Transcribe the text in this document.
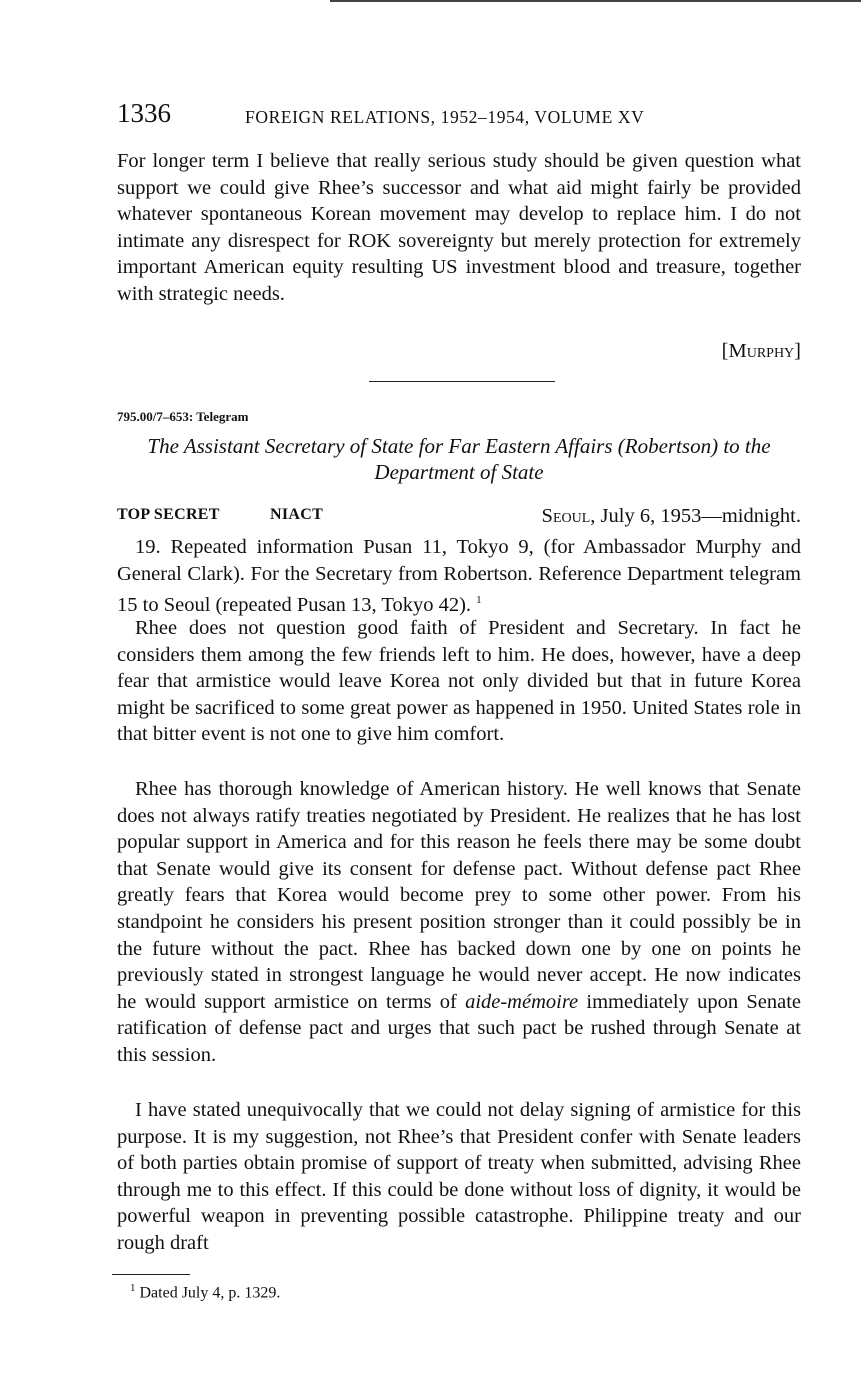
1336	FOREIGN RELATIONS, 1952–1954, VOLUME XV

For longer term I believe that really serious study should be given question what support we could give Rhee’s successor and what aid might fairly be provided whatever spontaneous Korean movement may develop to replace him. I do not intimate any disrespect for ROK sovereignty but merely protection for extremely important American equity resulting US investment blood and treasure, together with strategic needs.

[Murphy]
795.00/7–653: Telegram

The Assistant Secretary of State for Far Eastern Affairs (Robertson) to the Department of State

TOP SECRET	NIACT	Seoul, July 6, 1953—midnight.

19. Repeated information Pusan 11, Tokyo 9, (for Ambassador Murphy and General Clark). For the Secretary from Robertson. Reference Department telegram 15 to Seoul (repeated Pusan 13, Tokyo 42). $^1$

Rhee does not question good faith of President and Secretary. In fact he considers them among the few friends left to him. He does, however, have a deep fear that armistice would leave Korea not only divided but that in future Korea might be sacrificed to some great power as happened in 1950. United States role in that bitter event is not one to give him comfort.

Rhee has thorough knowledge of American history. He well knows that Senate does not always ratify treaties negotiated by President. He realizes that he has lost popular support in America and for this reason he feels there may be some doubt that Senate would give its consent for defense pact. Without defense pact Rhee greatly fears that Korea would become prey to some other power. From his standpoint he considers his present position stronger than it could possibly be in the future without the pact. Rhee has backed down one by one on points he previously stated in strongest language he would never accept. He now indicates he would support armistice on terms of aide-mémoire immediately upon Senate ratification of defense pact and urges that such pact be rushed through Senate at this session.

I have stated unequivocally that we could not delay signing of armistice for this purpose. It is my suggestion, not Rhee’s that President confer with Senate leaders of both parties obtain promise of support of treaty when submitted, advising Rhee through me to this effect. If this could be done without loss of dignity, it would be powerful weapon in preventing possible catastrophe. Philippine treaty and our rough draft

$^1$ Dated July 4, p. 1329.
